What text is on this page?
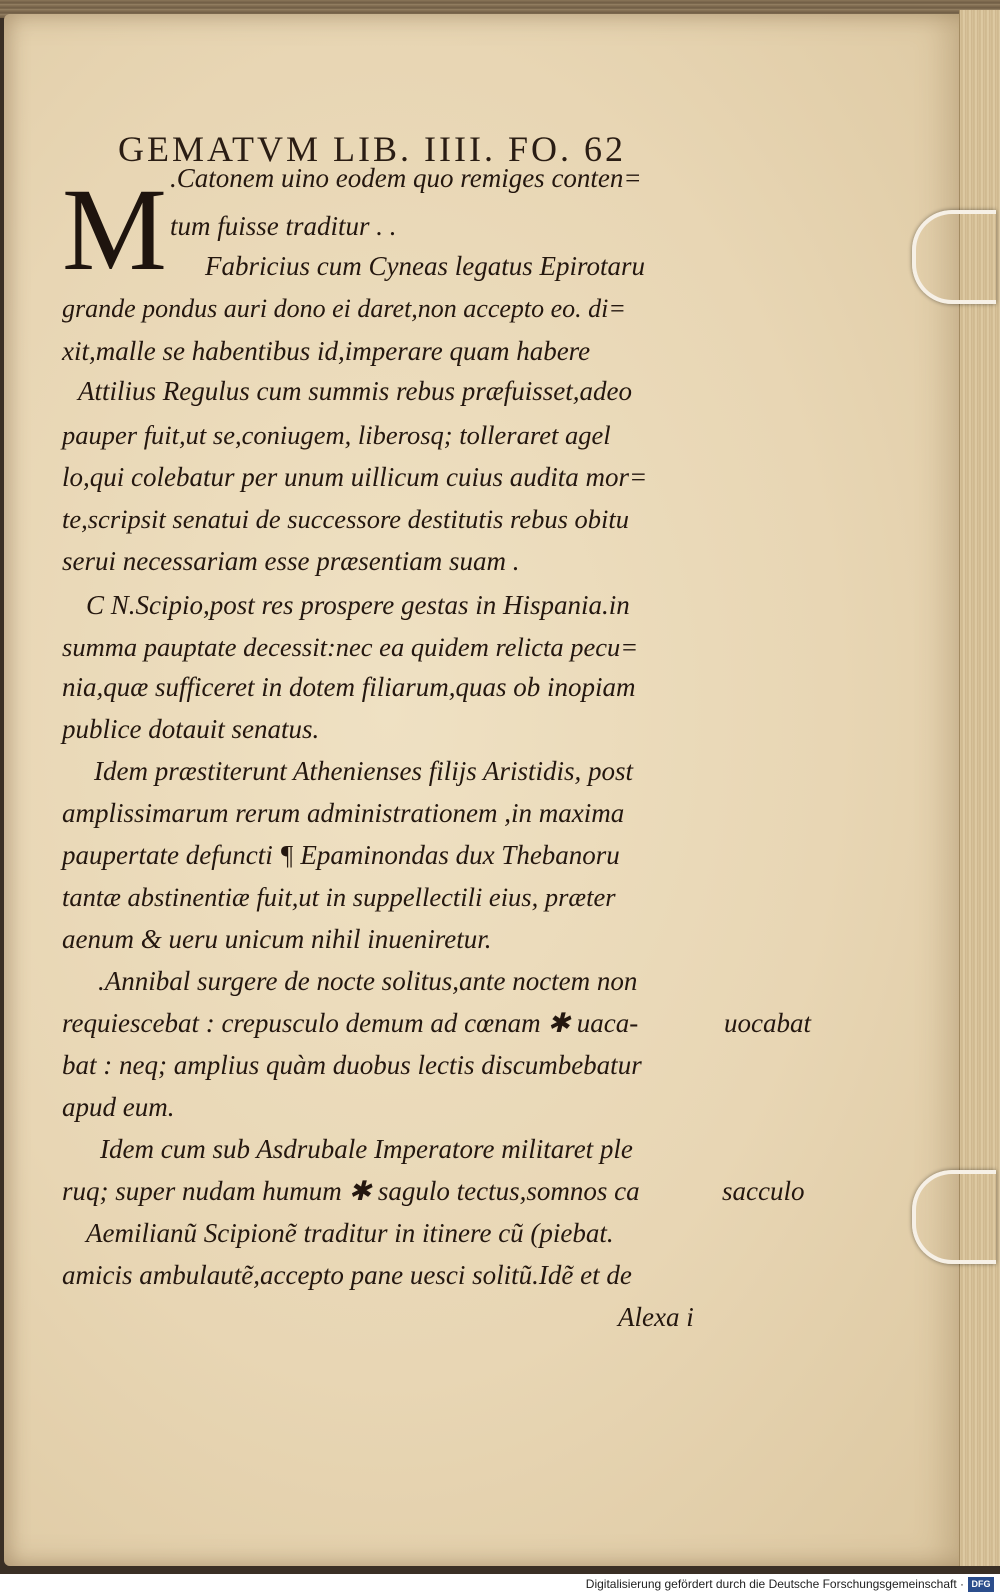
GEMATVM LIB. IIII. FO. 62
M .Catonem uino eodem quo remiges conten=
tum fuisse traditur . .
Fabricius cum Cyneas legatus Epirotaru
grande pondus auri dono ei daret,non accepto eo. di=
xit,malle se habentibus id,imperare quam habere
Attilius Regulus cum summis rebus præfuisset,adeo
pauper fuit,ut se,coniugem, liberosq; tolleraret agel
lo,qui colebatur per unum uillicum cuius audita mor=
te,scripsit senatui de successore destitutis rebus obitu
serui necessariam esse præsentiam suam .
C N.Scipio,post res prospere gestas in Hispania.in
summa pauptate decessit:nec ea quidem relicta pecu=
nia,quæ sufficeret in dotem filiarum,quas ob inopiam
publice dotauit senatus.
Idem præstiterunt Athenienses filijs Aristidis, post
amplissimarum rerum administrationem ,in maxima
paupertate defuncti ¶ Epaminondas dux Thebanoru
tantæ abstinentiæ fuit,ut in suppellectili eius, præter
aenum & ueru unicum nihil inueniretur.
.Annibal surgere de nocte solitus,ante noctem non
requiescebat : crepusculo demum ad cœnam ✱ uaca-
bat : neq; amplius quàm duobus lectis discumbebatur
apud eum.
Idem cum sub Asdrubale Imperatore militaret ple
ruq; super nudam humum ✱ sagulo tectus,somnos ca
Aemilianũ Scipionẽ traditur in itinere cũ (piebat.
amicis ambulautẽ,accepto pane uesci solitũ.Idẽ et de
Alexa i
uocabat
sacculo
Digitalisierung gefördert durch die Deutsche Forschungsgemeinschaft · DFG
